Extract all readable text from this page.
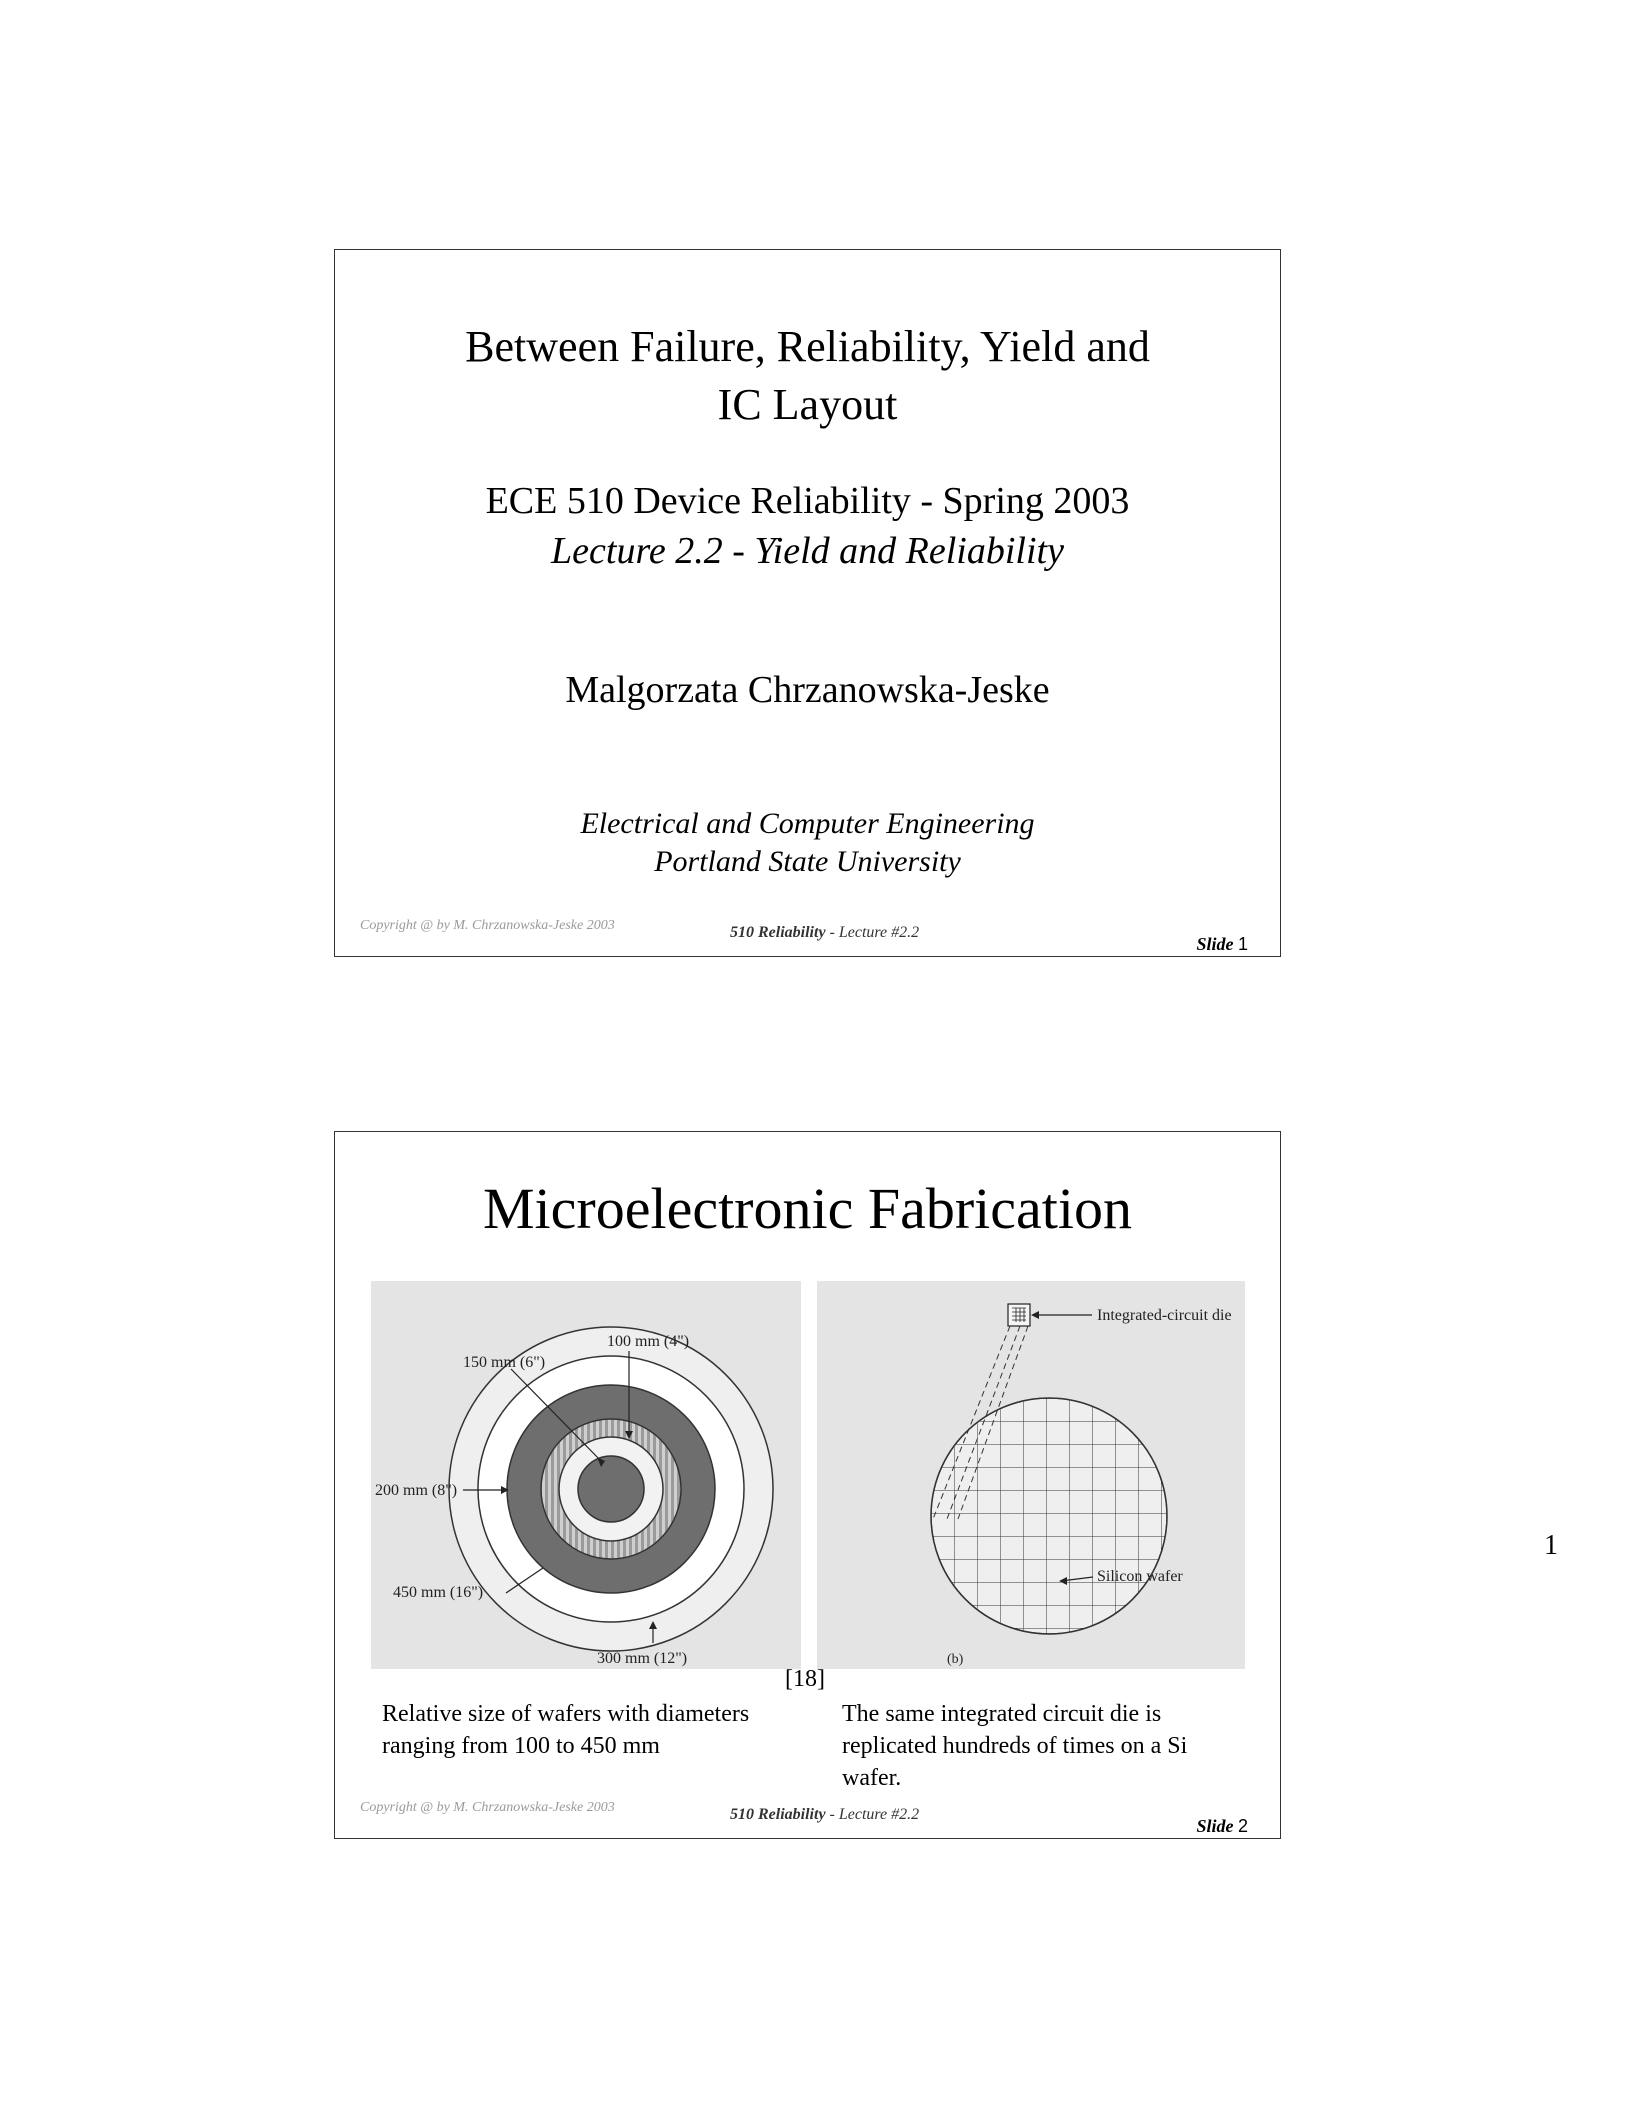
Between Failure, Reliability, Yield and
IC Layout
ECE 510 Device Reliability - Spring 2003
Lecture 2.2 - Yield and Reliability
Malgorzata Chrzanowska-Jeske
Electrical and Computer Engineering
Portland State University
Copyright @ by M. Chrzanowska-Jeske 2003	510 Reliability - Lecture #2.2
Slide 1
Microelectronic Fabrication
100 mm (4")
150 mm (6")
200 mm (8")
450 mm (16")
300 mm (12")
Integrated-circuit die
Silicon wafer
(b)
[18]
Relative size of wafers with diameters ranging from 100 to 450 mm
The same integrated circuit die is replicated hundreds of times on a Si wafer.
Copyright @ by M. Chrzanowska-Jeske 2003	510 Reliability - Lecture #2.2
Slide 2
1
